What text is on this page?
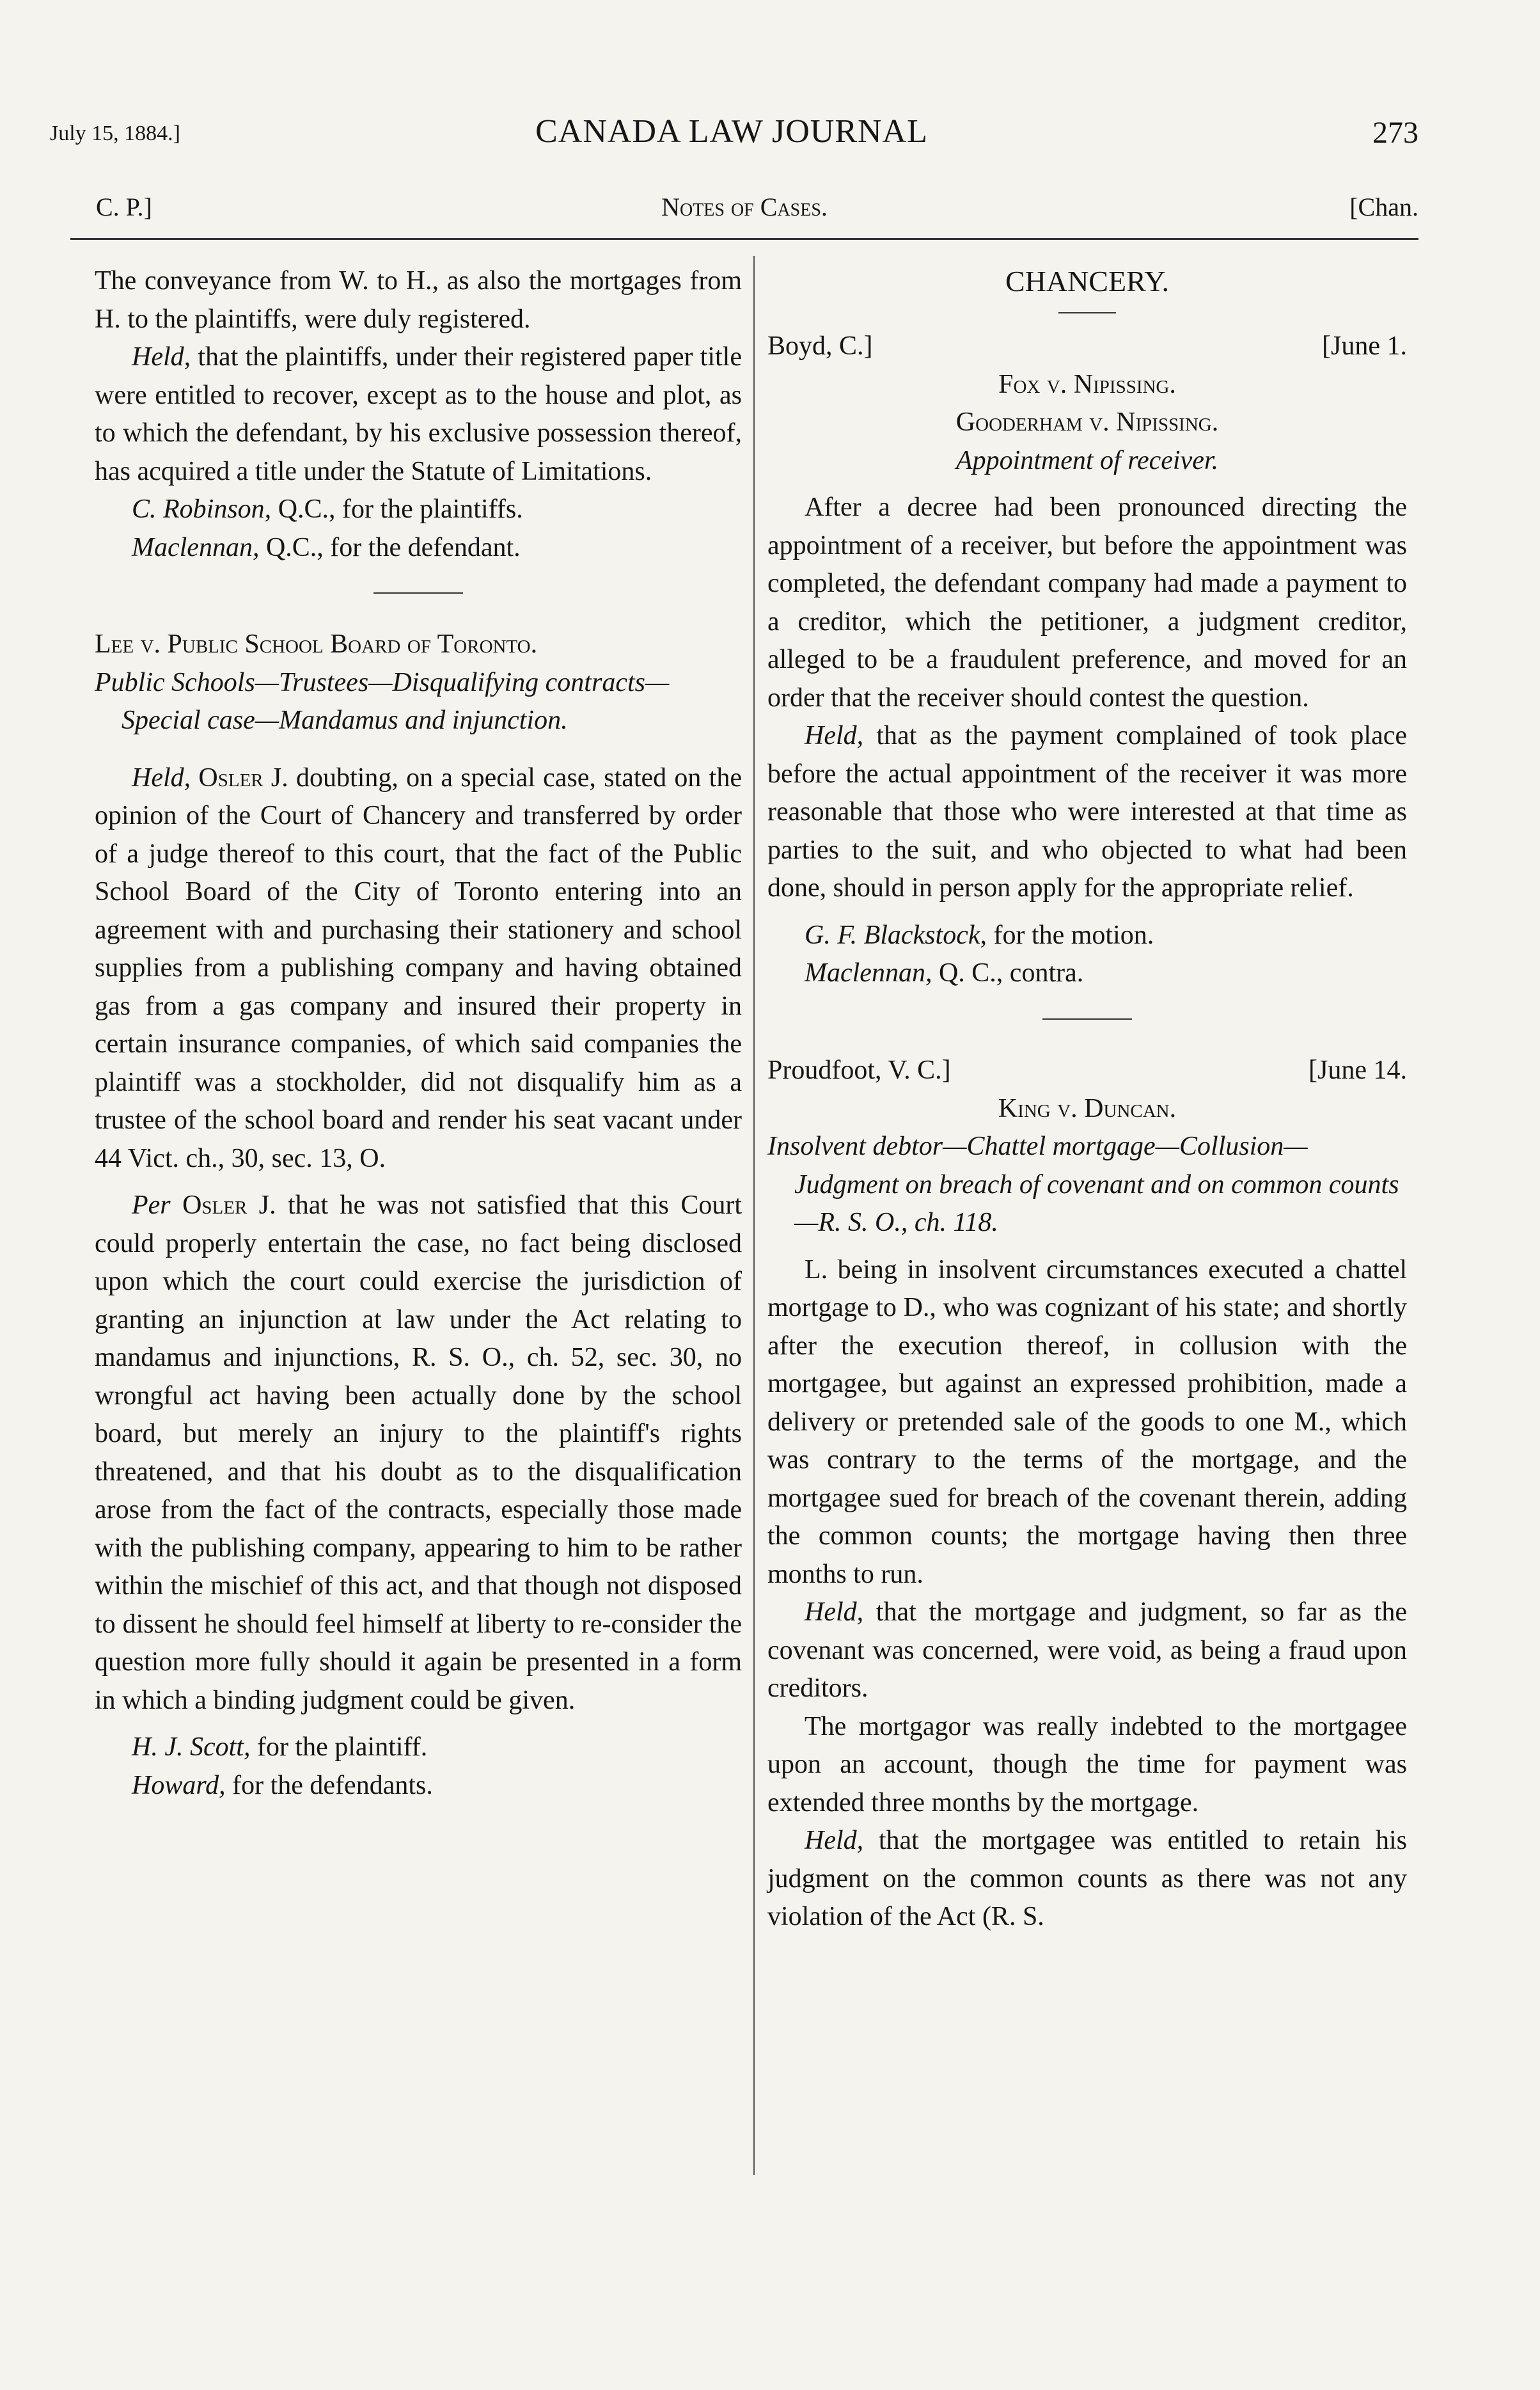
July 15, 1884.]	CANADA LAW JOURNAL	273
C. P.]	Notes of Cases.	[Chan.

The conveyance from W. to H., as also the mortgages from H. to the plaintiffs, were duly registered.

Held, that the plaintiffs, under their registered paper title were entitled to recover, except as to the house and plot, as to which the defendant, by his exclusive possession thereof, has acquired a title under the Statute of Limitations.

C. Robinson, Q.C., for the plaintiffs.

Maclennan, Q.C., for the defendant.

Lee v. Public School Board of Toronto.

Public Schools—Trustees—Disqualifying contracts—Special case—Mandamus and injunction.

Held, Osler J. doubting, on a special case, stated on the opinion of the Court of Chancery and transferred by order of a judge thereof to this court, that the fact of the Public School Board of the City of Toronto entering into an agreement with and purchasing their stationery and school supplies from a publishing company and having obtained gas from a gas company and insured their property in certain insurance companies, of which said companies the plaintiff was a stockholder, did not disqualify him as a trustee of the school board and render his seat vacant under 44 Vict. ch., 30, sec. 13, O.

Per Osler J. that he was not satisfied that this Court could properly entertain the case, no fact being disclosed upon which the court could exercise the jurisdiction of granting an injunction at law under the Act relating to mandamus and injunctions, R. S. O., ch. 52, sec. 30, no wrongful act having been actually done by the school board, but merely an injury to the plaintiff's rights threatened, and that his doubt as to the disqualification arose from the fact of the contracts, especially those made with the publishing company, appearing to him to be rather within the mischief of this act, and that though not disposed to dissent he should feel himself at liberty to re-consider the question more fully should it again be presented in a form in which a binding judgment could be given.

H. J. Scott, for the plaintiff.

Howard, for the defendants.

CHANCERY.

Boyd, C.]	[June 1.

Fox v. Nipissing.

Gooderham v. Nipissing.

Appointment of receiver.

After a decree had been pronounced directing the appointment of a receiver, but before the appointment was completed, the defendant company had made a payment to a creditor, which the petitioner, a judgment creditor, alleged to be a fraudulent preference, and moved for an order that the receiver should contest the question.

Held, that as the payment complained of took place before the actual appointment of the receiver it was more reasonable that those who were interested at that time as parties to the suit, and who objected to what had been done, should in person apply for the appropriate relief.

G. F. Blackstock, for the motion.

Maclennan, Q. C., contra.

Proudfoot, V. C.]	[June 14.

King v. Duncan.

Insolvent debtor—Chattel mortgage—Collusion—Judgment on breach of covenant and on common counts—R. S. O., ch. 118.

L. being in insolvent circumstances executed a chattel mortgage to D., who was cognizant of his state; and shortly after the execution thereof, in collusion with the mortgagee, but against an expressed prohibition, made a delivery or pretended sale of the goods to one M., which was contrary to the terms of the mortgage, and the mortgagee sued for breach of the covenant therein, adding the common counts; the mortgage having then three months to run.

Held, that the mortgage and judgment, so far as the covenant was concerned, were void, as being a fraud upon creditors.

The mortgagor was really indebted to the mortgagee upon an account, though the time for payment was extended three months by the mortgage.

Held, that the mortgagee was entitled to retain his judgment on the common counts as there was not any violation of the Act (R. S.
